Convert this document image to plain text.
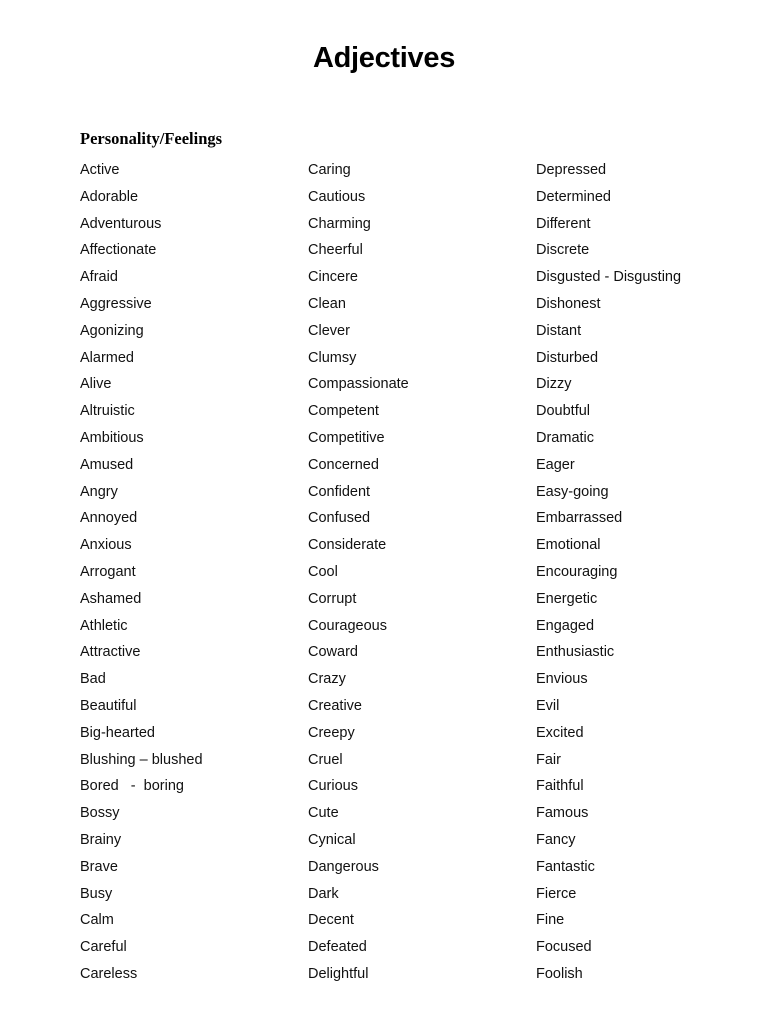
Adjectives
Personality/Feelings
Active
Adorable
Adventurous
Affectionate
Afraid
Aggressive
Agonizing
Alarmed
Alive
Altruistic
Ambitious
Amused
Angry
Annoyed
Anxious
Arrogant
Ashamed
Athletic
Attractive
Bad
Beautiful
Big-hearted
Blushing – blushed
Bored   -  boring
Bossy
Brainy
Brave
Busy
Calm
Careful
Careless
Caring
Cautious
Charming
Cheerful
Cincere
Clean
Clever
Clumsy
Compassionate
Competent
Competitive
Concerned
Confident
Confused
Considerate
Cool
Corrupt
Courageous
Coward
Crazy
Creative
Creepy
Cruel
Curious
Cute
Cynical
Dangerous
Dark
Decent
Defeated
Delightful
Depressed
Determined
Different
Discrete
Disgusted - Disgusting
Dishonest
Distant
Disturbed
Dizzy
Doubtful
Dramatic
Eager
Easy-going
Embarrassed
Emotional
Encouraging
Energetic
Engaged
Enthusiastic
Envious
Evil
Excited
Fair
Faithful
Famous
Fancy
Fantastic
Fierce
Fine
Focused
Foolish
